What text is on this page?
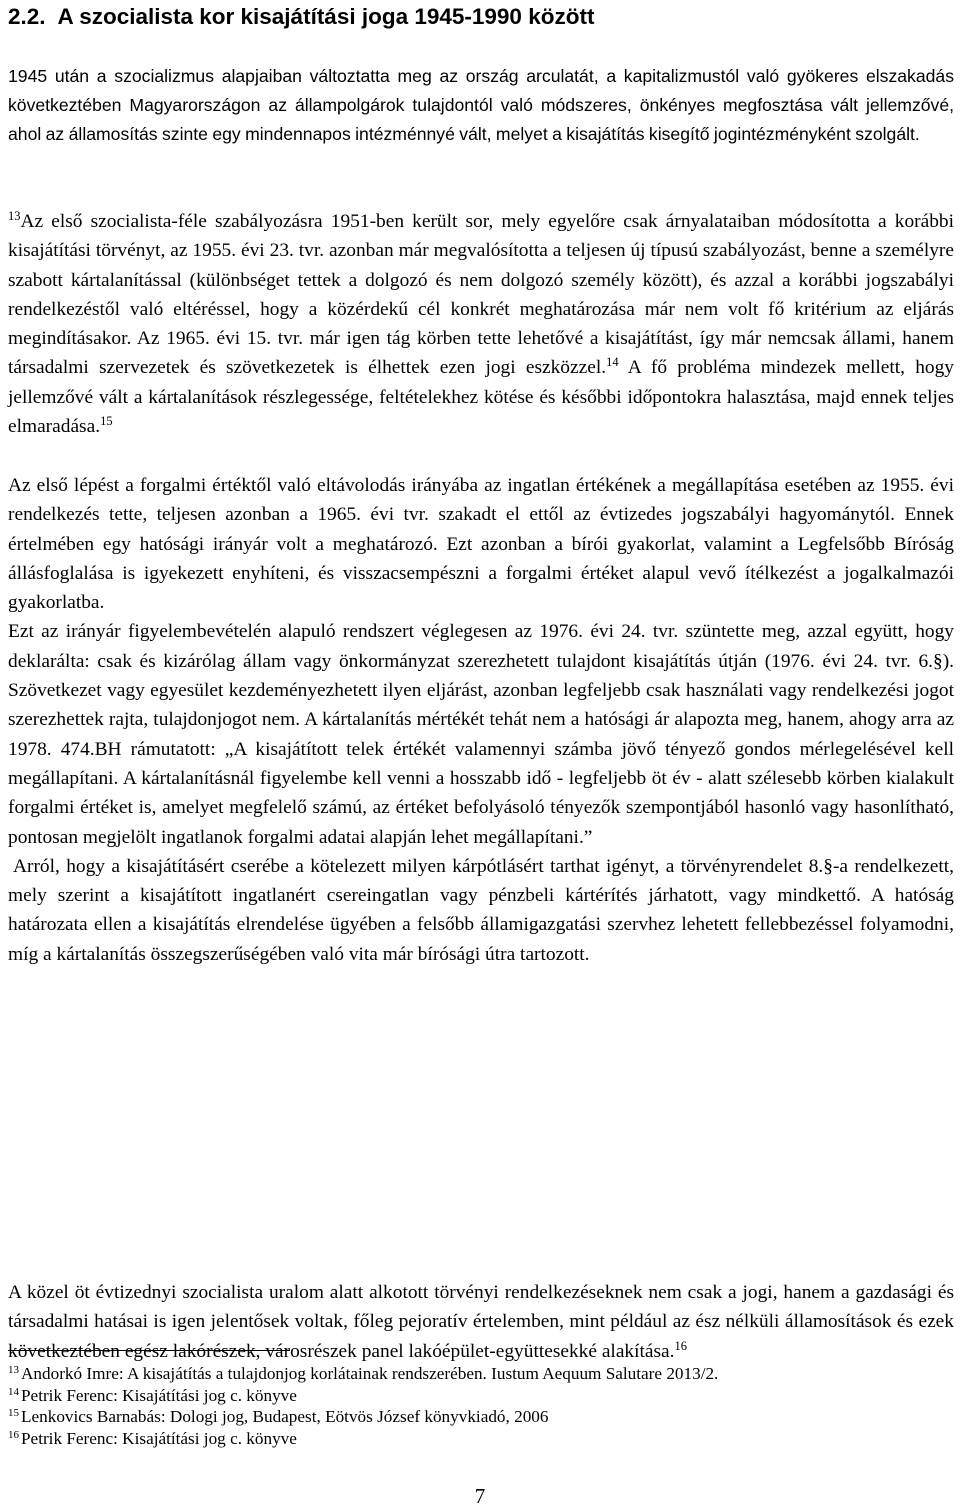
2.2. A szocialista kor kisajátítási joga 1945-1990 között

1945 után a szocializmus alapjaiban változtatta meg az ország arculatát, a kapitalizmustól való gyökeres elszakadás következtében Magyarországon az állampolgárok tulajdontól való módszeres, önkényes megfosztása vált jellemzővé, ahol az államosítás szinte egy mindennapos intézménnyé vált, melyet a kisajátítás kisegítő jogintézményként szolgált.

$^{13}$Az első szocialista-féle szabályozásra 1951-ben került sor, mely egyelőre csak árnyalataiban módosította a korábbi kisajátítási törvényt, az 1955. évi 23. tvr. azonban már megvalósította a teljesen új típusú szabályozást, benne a személyre szabott kártalanítással (különbséget tettek a dolgozó és nem dolgozó személy között), és azzal a korábbi jogszabályi rendelkezéstől való eltéréssel, hogy a közérdekű cél konkrét meghatározása már nem volt fő kritérium az eljárás megindításakor. Az 1965. évi 15. tvr. már igen tág körben tette lehetővé a kisajátítást, így már nemcsak állami, hanem társadalmi szervezetek és szövetkezetek is élhettek ezen jogi eszközzel.$^{14}$ A fő probléma mindezek mellett, hogy jellemzővé vált a kártalanítások részlegessége, feltételekhez kötése és későbbi időpontokra halasztása, majd ennek teljes elmaradása.$^{15}$

Az első lépést a forgalmi értéktől való eltávolodás irányába az ingatlan értékének a megállapítása esetében az 1955. évi rendelkezés tette, teljesen azonban a 1965. évi tvr. szakadt el ettől az évtizedes jogszabályi hagyománytól. Ennek értelmében egy hatósági irányár volt a meghatározó. Ezt azonban a bírói gyakorlat, valamint a Legfelsőbb Bíróság állásfoglalása is igyekezett enyhíteni, és visszacsempészni a forgalmi értéket alapul vevő ítélkezést a jogalkalmazói gyakorlatba.
Ezt az irányár figyelembevételén alapuló rendszert véglegesen az 1976. évi 24. tvr. szüntette meg, azzal együtt, hogy deklarálta: csak és kizárólag állam vagy önkormányzat szerezhetett tulajdont kisajátítás útján (1976. évi 24. tvr. 6.§). Szövetkezet vagy egyesület kezdeményezhetett ilyen eljárást, azonban legfeljebb csak használati vagy rendelkezési jogot szerezhettek rajta, tulajdonjogot nem. A kártalanítás mértékét tehát nem a hatósági ár alapozta meg, hanem, ahogy arra az 1978. 474.BH rámutatott: „A kisajátított telek értékét valamennyi számba jövő tényező gondos mérlegelésével kell megállapítani. A kártalanításnál figyelembe kell venni a hosszabb idő - legfeljebb öt év - alatt szélesebb körben kialakult forgalmi értéket is, amelyet megfelelő számú, az értéket befolyásoló tényezők szempontjából hasonló vagy hasonlítható, pontosan megjelölt ingatlanok forgalmi adatai alapján lehet megállapítani.”
Arról, hogy a kisajátításért cserébe a kötelezett milyen kárpótlásért tarthat igényt, a törvényrendelet 8.§-a rendelkezett, mely szerint a kisajátított ingatlanért csereingatlan vagy pénzbeli kártérítés járhatott, vagy mindkettő. A hatóság határozata ellen a kisajátítás elrendelése ügyében a felsőbb államigazgatási szervhez lehetett fellebbezéssel folyamodni, míg a kártalanítás összegszerűségében való vita már bírósági útra tartozott.

A közel öt évtizednyi szocialista uralom alatt alkotott törvényi rendelkezéseknek nem csak a jogi, hanem a gazdasági és társadalmi hatásai is igen jelentősek voltak, főleg pejoratív értelemben, mint például az ész nélküli államosítások és ezek következtében egész lakórészek, városrészek panel lakóépület-együttesekké alakítása.$^{16}$

$^{13}$ Andorkó Imre: A kisajátítás a tulajdonjog korlátainak rendszerében. Iustum Aequum Salutare 2013/2.
$^{14}$ Petrik Ferenc: Kisajátítási jog c. könyve
$^{15}$ Lenkovics Barnabás: Dologi jog, Budapest, Eötvös József könyvkiadó, 2006
$^{16}$ Petrik Ferenc: Kisajátítási jog c. könyve
7
